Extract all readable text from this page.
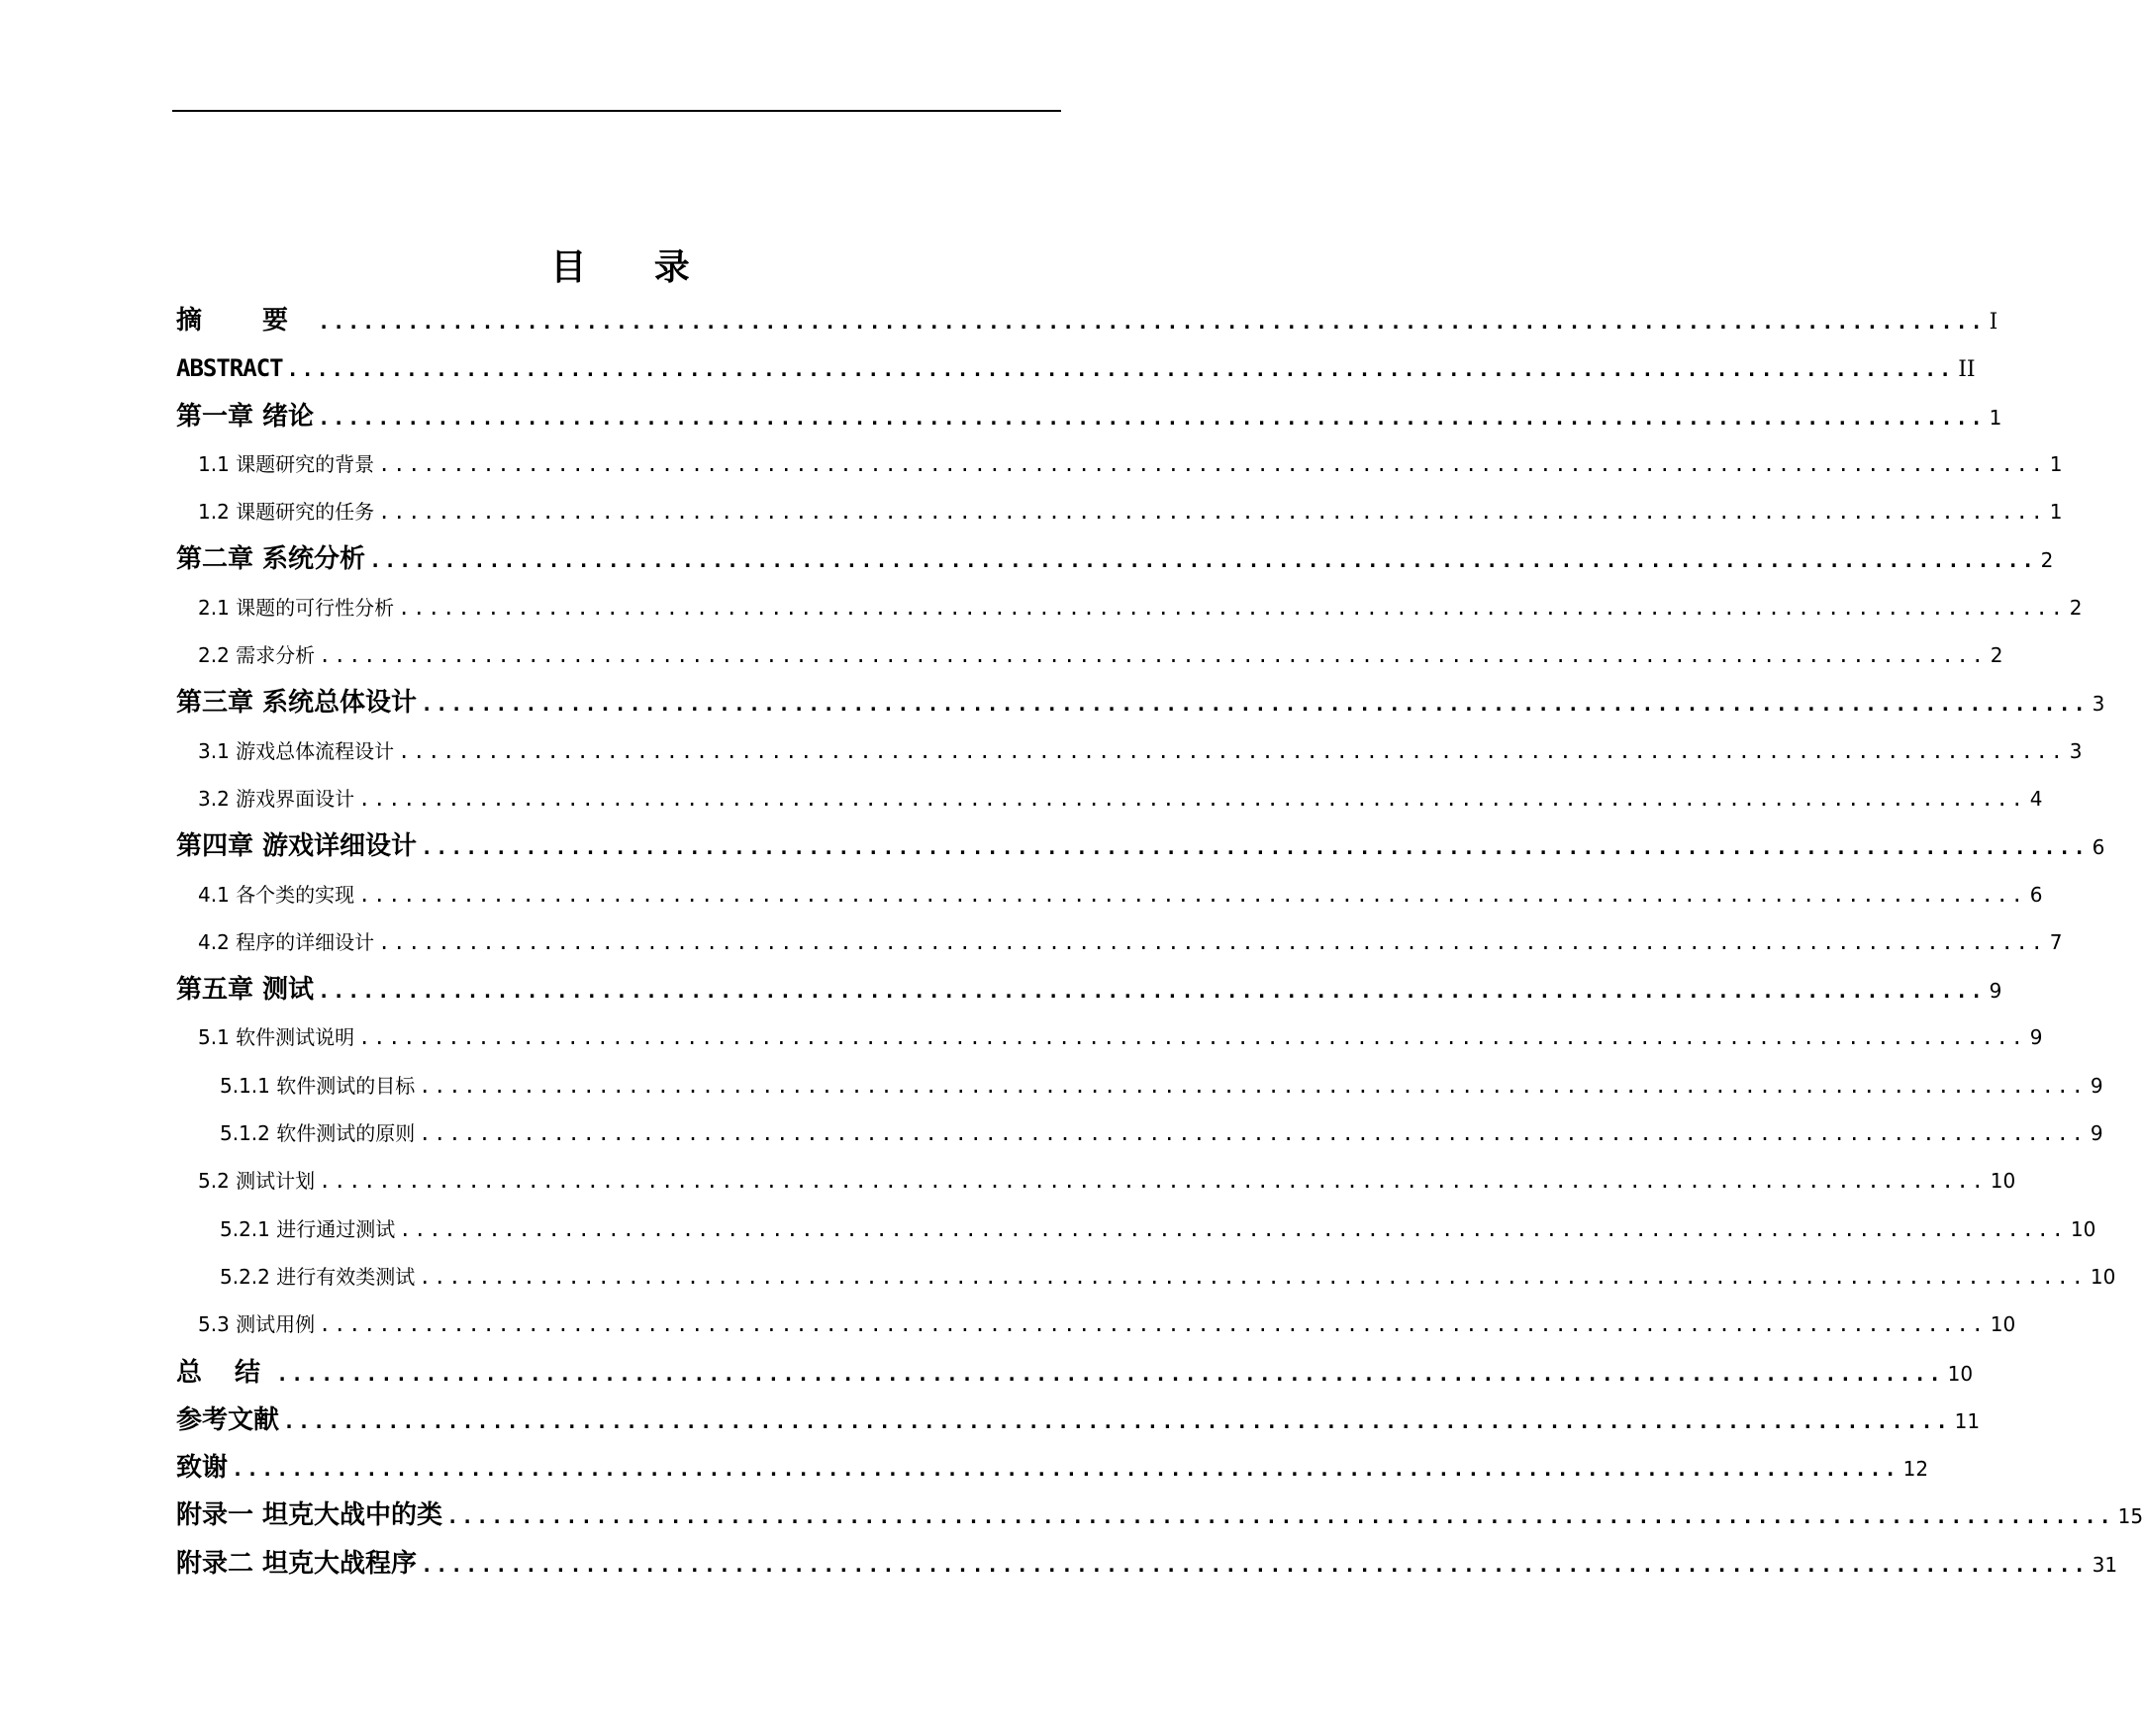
目 录
摘 要 ................................................................................................................ I
ABSTRACT ................................................................................................................ II
第一章 绪论 ................................................................................................................ 1
1.1 课题研究的背景 ................................................................................................................ 1
1.2 课题研究的任务 ................................................................................................................ 1
第二章 系统分析 ................................................................................................................ 2
2.1 课题的可行性分析 ................................................................................................................ 2
2.2 需求分析 ................................................................................................................ 2
第三章 系统总体设计 ................................................................................................................ 3
3.1 游戏总体流程设计 ................................................................................................................ 3
3.2 游戏界面设计 ................................................................................................................ 4
第四章 游戏详细设计 ................................................................................................................ 6
4.1 各个类的实现 ................................................................................................................ 6
4.2 程序的详细设计 ................................................................................................................ 7
第五章 测试 ................................................................................................................ 9
5.1 软件测试说明 ................................................................................................................ 9
5.1.1 软件测试的目标 ................................................................................................................ 9
5.1.2 软件测试的原则 ................................................................................................................ 9
5.2 测试计划 ................................................................................................................ 10
5.2.1 进行通过测试 ................................................................................................................ 10
5.2.2 进行有效类测试 ................................................................................................................ 10
5.3 测试用例 ................................................................................................................ 10
总 结 ................................................................................................................ 10
参考文献 ................................................................................................................ 11
致谢 ................................................................................................................ 12
附录一 坦克大战中的类 ................................................................................................................ 15
附录二 坦克大战程序 ................................................................................................................ 31
